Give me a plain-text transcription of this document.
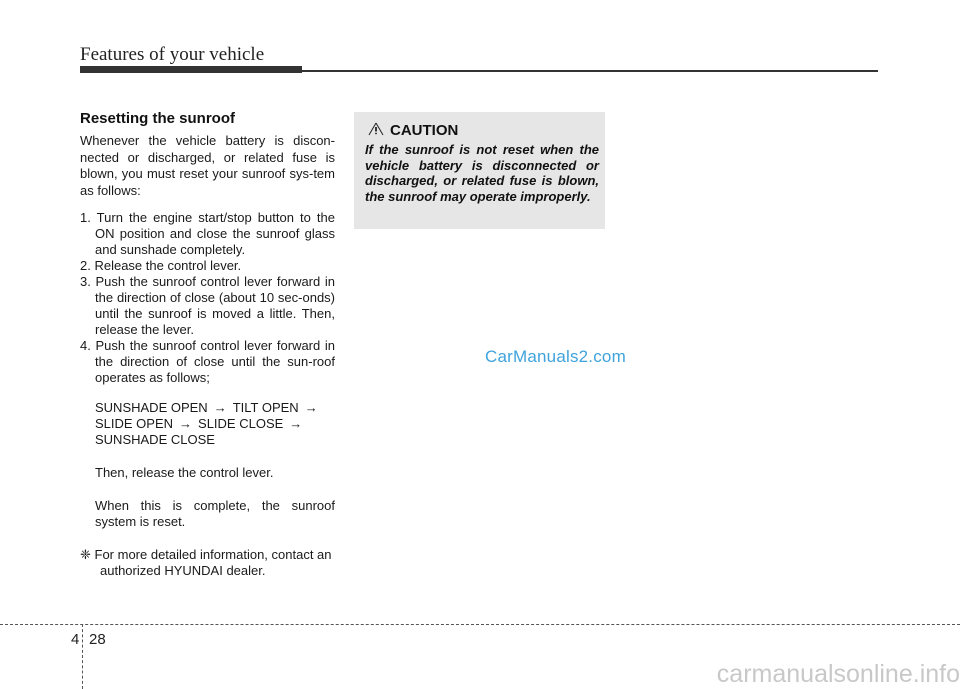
Features of your vehicle
Resetting the sunroof

Whenever the vehicle battery is discon-nected or discharged, or related fuse is blown, you must reset your sunroof sys-tem as follows:

1. Turn the engine start/stop button to the ON position and close the sunroof glass and sunshade completely.

2. Release the control lever.

3. Push the sunroof control lever forward in the direction of close (about 10 sec-onds) until the sunroof is moved a little. Then, release the lever.

4. Push the sunroof control lever forward in the direction of close until the sun-roof operates as follows;

SUNSHADE OPEN → TILT OPEN →
SLIDE OPEN → SLIDE CLOSE →
SUNSHADE CLOSE

Then, release the control lever.

When this is complete, the sunroof system is reset.

❈ For more detailed information, contact an authorized HYUNDAI dealer.

CAUTION
If the sunroof is not reset when the vehicle battery is disconnected or discharged, or related fuse is blown, the sunroof may operate improperly.
CarManuals2.com
4 28
carmanualsonline.info
